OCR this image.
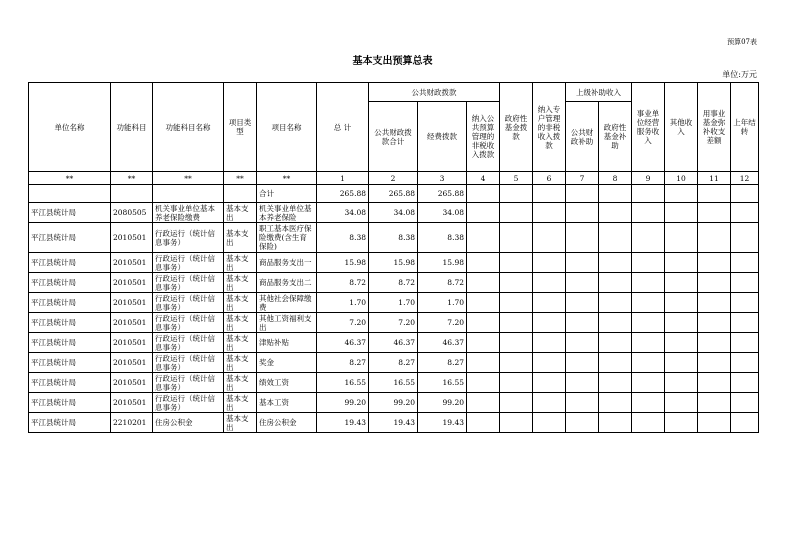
预算07表
基本支出预算总表
单位:万元
单位名称	功能科目	功能科目名称	项目类型	项目名称	总 计	公共财政拨款			政府性基金拨款	纳入专户管理的非税收入拨款	上级补助收入		事业单位经营服务收入	其他收入	用事业基金弥补收支差额	上年结转
						公共财政拨款合计	经费拨款	纳入公共预算管理的非税收入拨款			公共财政补助	政府性基金补助				
**	**	**	**	**	1	2	3	4	5	6	7	8	9	10	11	12
				合计	265.88	265.88	265.88									
平江县统计局	2080505	机关事业单位基本养老保险缴费	基本支出	机关事业单位基本养老保险	34.08	34.08	34.08									
平江县统计局	2010501	行政运行（统计信息事务）	基本支出	职工基本医疗保险缴费(含生育保险)	8.38	8.38	8.38									
平江县统计局	2010501	行政运行（统计信息事务）	基本支出	商品服务支出一	15.98	15.98	15.98									
平江县统计局	2010501	行政运行（统计信息事务）	基本支出	商品服务支出二	8.72	8.72	8.72									
平江县统计局	2010501	行政运行（统计信息事务）	基本支出	其他社会保障缴费	1.70	1.70	1.70									
平江县统计局	2010501	行政运行（统计信息事务）	基本支出	其他工资福利支出	7.20	7.20	7.20									
平江县统计局	2010501	行政运行（统计信息事务）	基本支出	津贴补贴	46.37	46.37	46.37									
平江县统计局	2010501	行政运行（统计信息事务）	基本支出	奖金	8.27	8.27	8.27									
平江县统计局	2010501	行政运行（统计信息事务）	基本支出	绩效工资	16.55	16.55	16.55									
平江县统计局	2010501	行政运行（统计信息事务）	基本支出	基本工资	99.20	99.20	99.20									
平江县统计局	2210201	住房公积金	基本支出	住房公积金	19.43	19.43	19.43									
